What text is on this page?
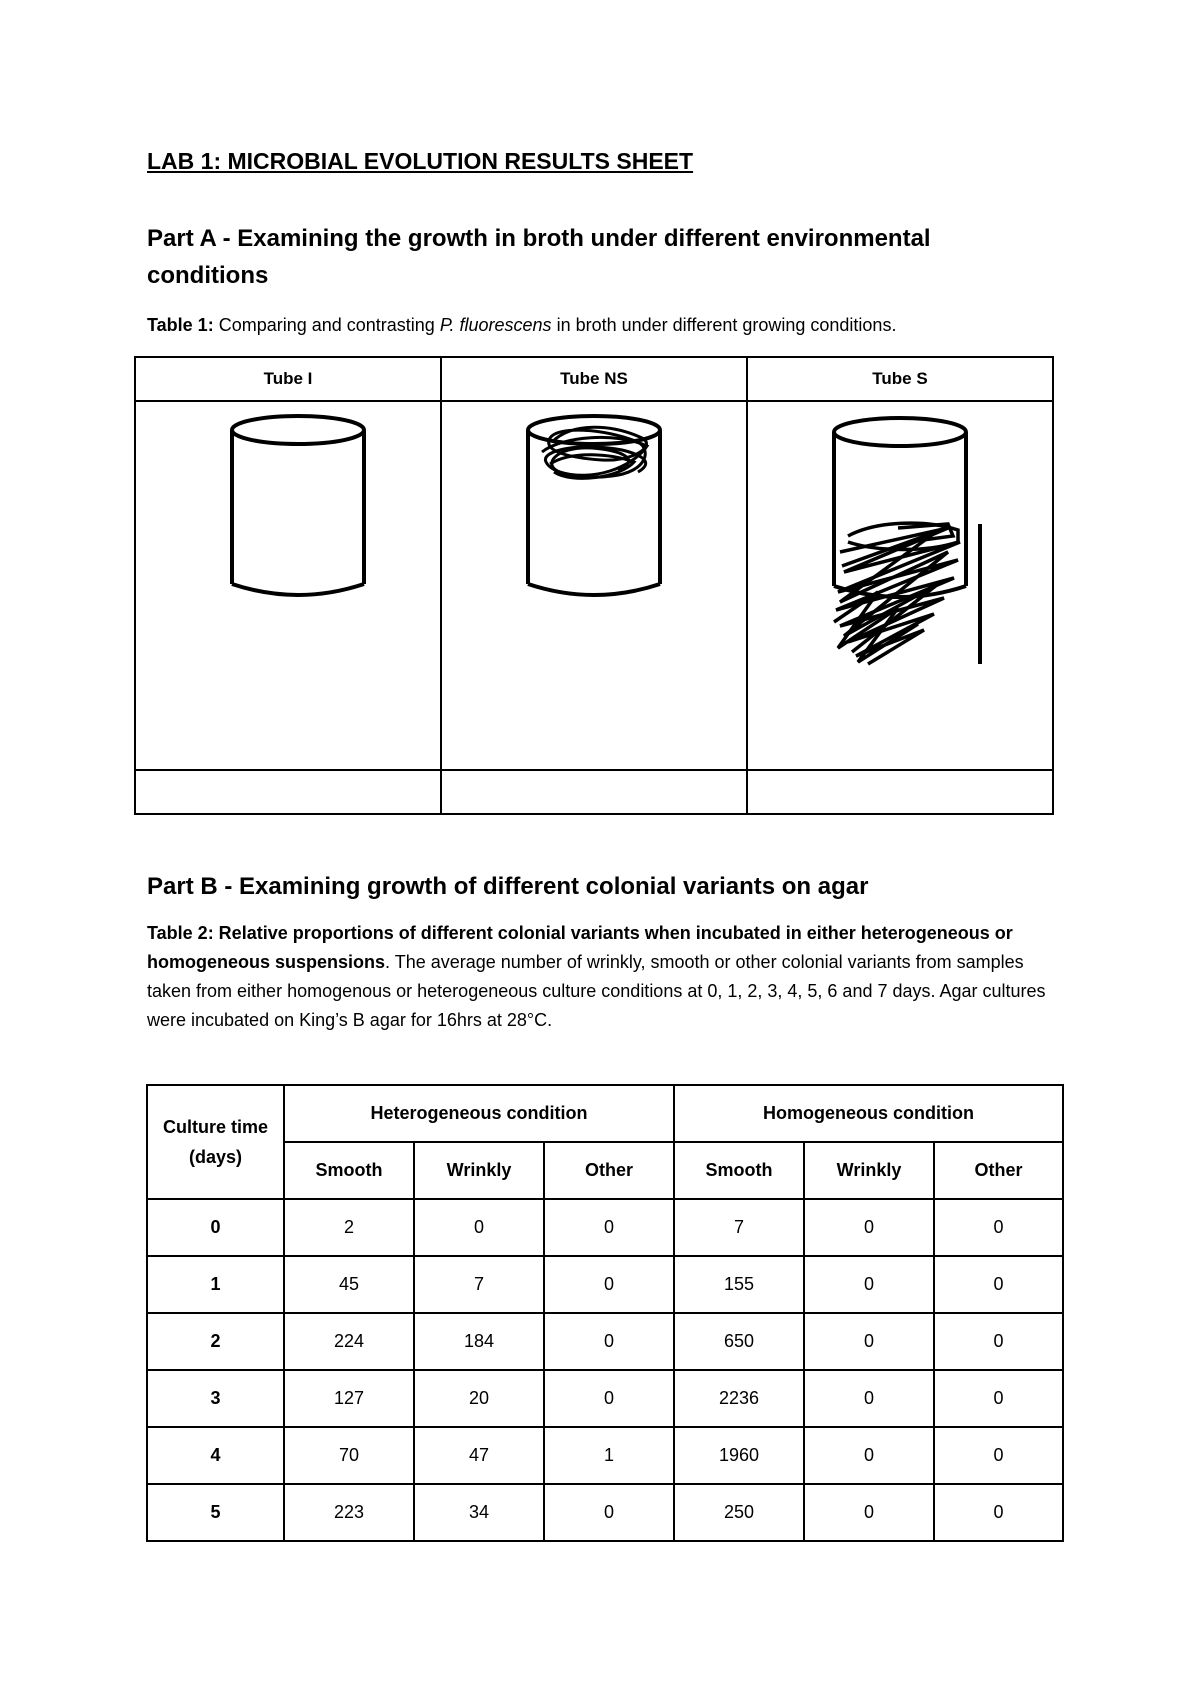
LAB 1: MICROBIAL EVOLUTION RESULTS SHEET
Part A - Examining the growth in broth under different environmental conditions
Table 1: Comparing and contrasting P. fluorescens in broth under different growing conditions.
Tube I	Tube NS	Tube S

Part B - Examining growth of different colonial variants on agar
Table 2: Relative proportions of different colonial variants when incubated in either heterogeneous or homogeneous suspensions. The average number of wrinkly, smooth or other colonial variants from samples taken from either homogenous or heterogeneous culture conditions at 0, 1, 2, 3, 4, 5, 6 and 7 days. Agar cultures were incubated on King’s B agar for 16hrs at 28°C.
Culture time (days)	Heterogeneous condition			Homogeneous condition		
	Smooth	Wrinkly	Other	Smooth	Wrinkly	Other
0	2	0	0	7	0	0
1	45	7	0	155	0	0
2	224	184	0	650	0	0
3	127	20	0	2236	0	0
4	70	47	1	1960	0	0
5	223	34	0	250	0	0
